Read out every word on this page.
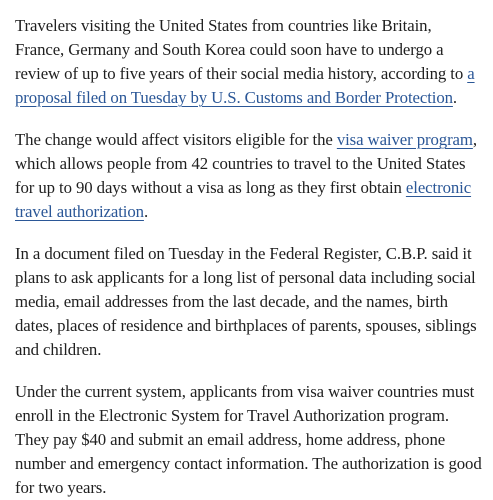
Travelers visiting the United States from countries like Britain, France, Germany and South Korea could soon have to undergo a review of up to five years of their social media history, according to a proposal filed on Tuesday by U.S. Customs and Border Protection.

The change would affect visitors eligible for the visa waiver program, which allows people from 42 countries to travel to the United States for up to 90 days without a visa as long as they first obtain electronic travel authorization.

In a document filed on Tuesday in the Federal Register, C.B.P. said it plans to ask applicants for a long list of personal data including social media, email addresses from the last decade, and the names, birth dates, places of residence and birthplaces of parents, spouses, siblings and children.

Under the current system, applicants from visa waiver countries must enroll in the Electronic System for Travel Authorization program. They pay $40 and submit an email address, home address, phone number and emergency contact information. The authorization is good for two years.
